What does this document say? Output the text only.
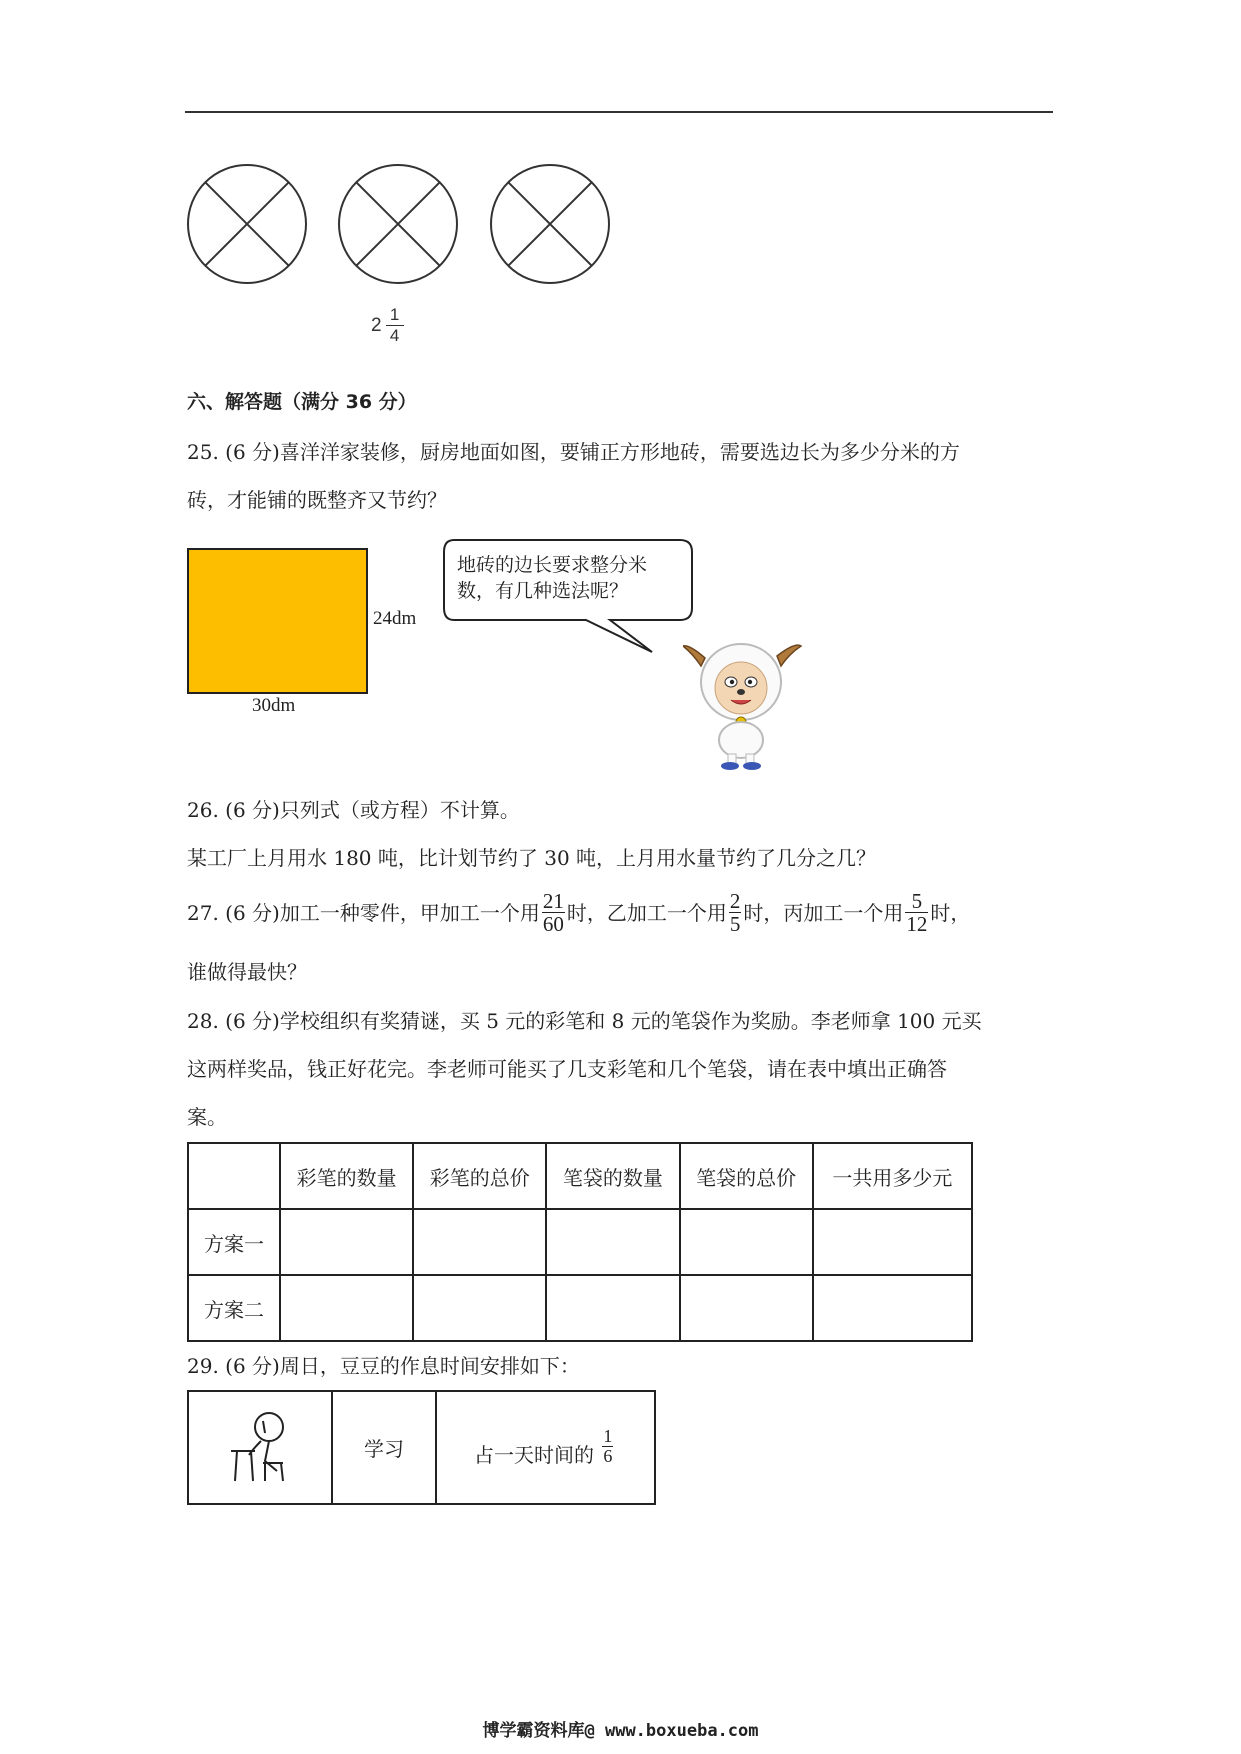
2 1
4
六、解答题（满分 36 分）
25. (6 分)喜洋洋家装修，厨房地面如图，要铺正方形地砖，需要选边长为多少分米的方
砖，才能铺的既整齐又节约？
24dm
30dm
地砖的边长要求整分米
数，有几种选法呢？
26. (6 分)只列式（或方程）不计算。
某工厂上月用水 180 吨，比计划节约了 30 吨，上月用水量节约了几分之几？
27. (6 分)加工一种零件，甲加工一个用 $\frac{21}{60}$ 时，乙加工一个用 $\frac{2}{5}$ 时，丙加工一个用 $\frac{5}{12}$ 时，
谁做得最快？
28. (6 分)学校组织有奖猜谜，买 5 元的彩笔和 8 元的笔袋作为奖励。李老师拿 100 元买
这两样奖品，钱正好花完。李老师可能买了几支彩笔和几个笔袋，请在表中填出正确答
案。
	彩笔的数量	彩笔的总价	笔袋的数量	笔袋的总价	一共用多少元
方案一					
方案二					
29. (6 分)周日，豆豆的作息时间安排如下：
	学习	占一天时间的 $\frac{1}{6}$
博学霸资料库@ www.boxueba.com
